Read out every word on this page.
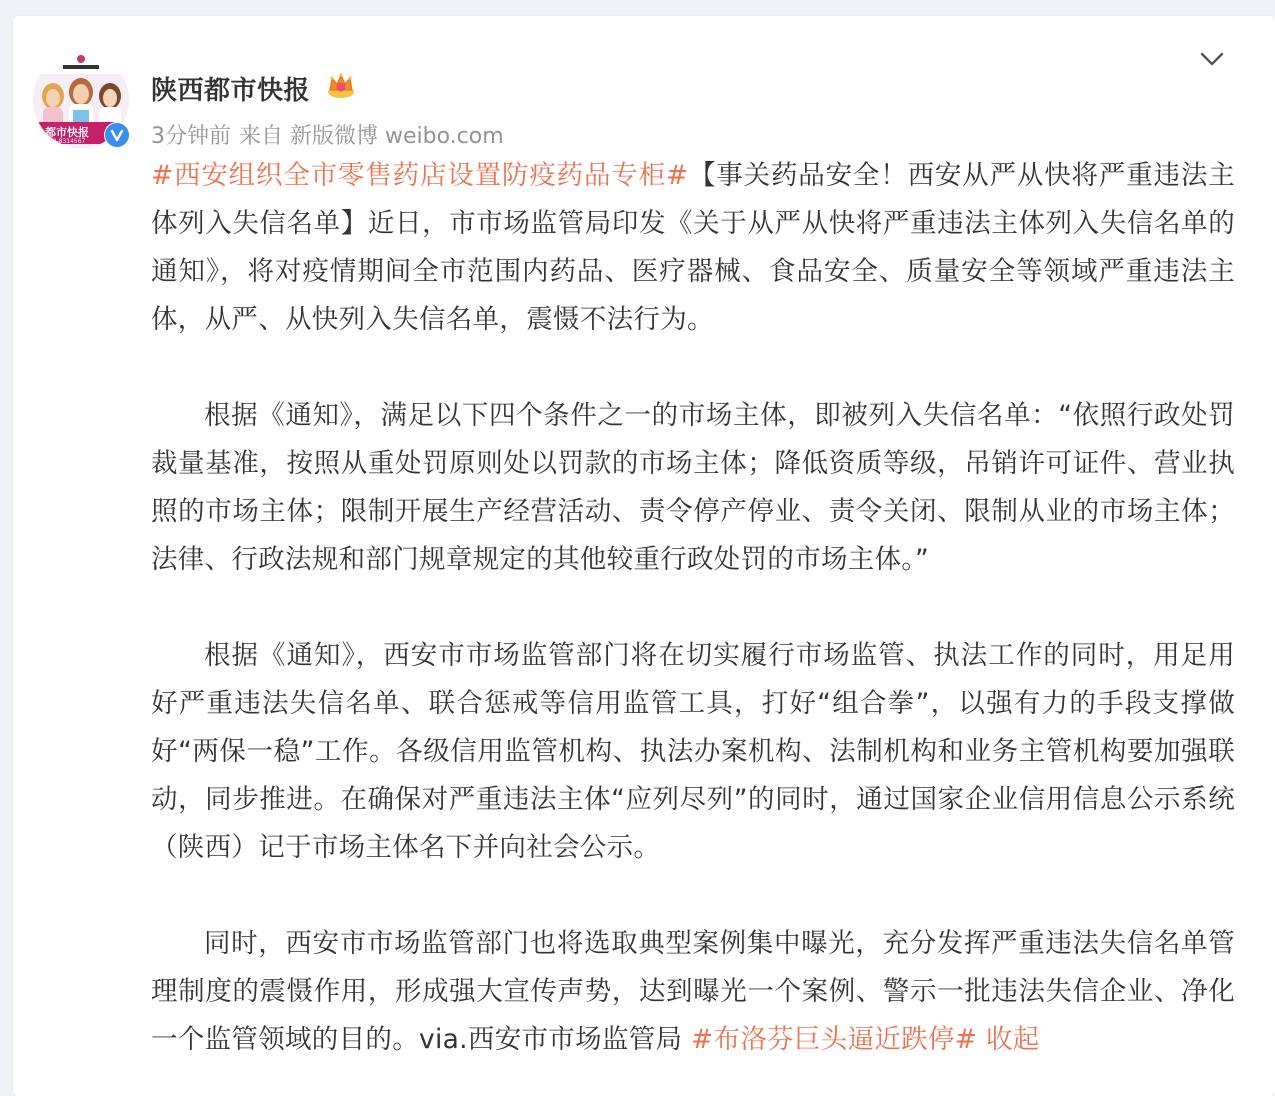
都市快报
029-8314567
陕西都市快报
3分钟前 来自 新版微博 weibo.com

#西安组织全市零售药店设置防疫药品专柜#【事关药品安全！西安从严从快将严重违法主体列入失信名单】近日，市市场监管局印发《关于从严从快将严重违法主体列入失信名单的通知》，将对疫情期间全市范围内药品、医疗器械、食品安全、质量安全等领域严重违法主体，从严、从快列入失信名单，震慑不法行为。

根据《通知》，满足以下四个条件之一的市场主体，即被列入失信名单：“依照行政处罚裁量基准，按照从重处罚原则处以罚款的市场主体；降低资质等级，吊销许可证件、营业执照的市场主体；限制开展生产经营活动、责令停产停业、责令关闭、限制从业的市场主体；法律、行政法规和部门规章规定的其他较重行政处罚的市场主体。”

根据《通知》，西安市市场监管部门将在切实履行市场监管、执法工作的同时，用足用好严重违法失信名单、联合惩戒等信用监管工具，打好“组合拳”，以强有力的手段支撑做好“两保一稳”工作。各级信用监管机构、执法办案机构、法制机构和业务主管机构要加强联动，同步推进。在确保对严重违法主体“应列尽列”的同时，通过国家企业信用信息公示系统（陕西）记于市场主体名下并向社会公示。

同时，西安市市场监管部门也将选取典型案例集中曝光，充分发挥严重违法失信名单管理制度的震慑作用，形成强大宣传声势，达到曝光一个案例、警示一批违法失信企业、净化一个监管领域的目的。via.西安市市场监管局 #布洛芬巨头逼近跌停# 收起
